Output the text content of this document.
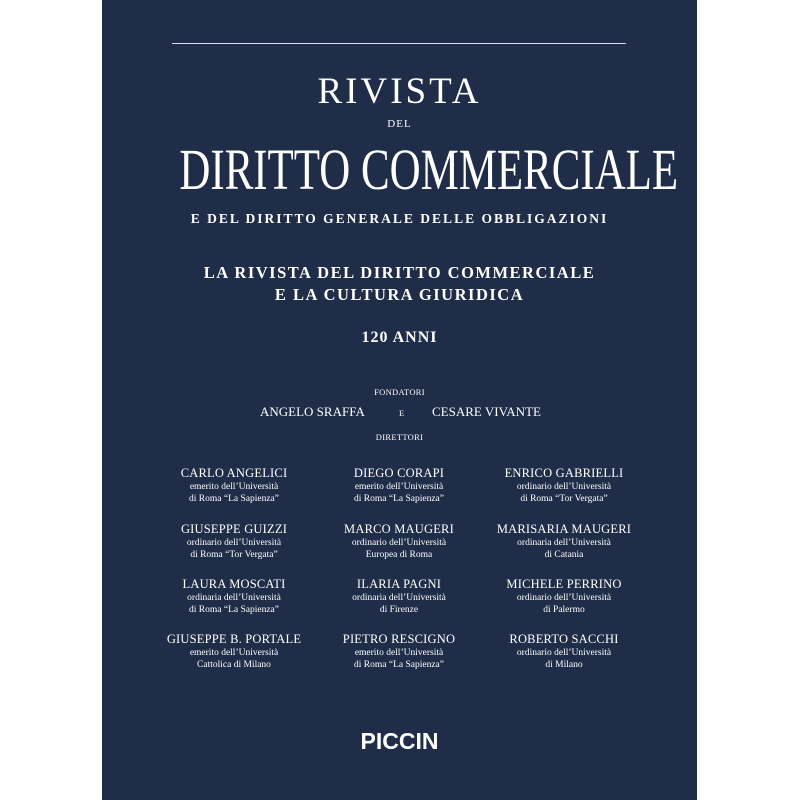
RIVISTA
DEL
DIRITTO COMMERCIALE
E DEL DIRITTO GENERALE DELLE OBBLIGAZIONI
LA RIVISTA DEL DIRITTO COMMERCIALE
E LA CULTURA GIURIDICA
120 ANNI
FONDATORI
ANGELO SRAFFA	E CESARE VIVANTE
DIRETTORI
CARLO ANGELICI
emerito dell’Università
di Roma “La Sapienza”
DIEGO CORAPI
emerito dell’Università
di Roma “La Sapienza”
ENRICO GABRIELLI
ordinario dell’Università
di Roma “Tor Vergata”
GIUSEPPE GUIZZI
ordinario dell’Università
di Roma “Tor Vergata”
MARCO MAUGERI
ordinario dell’Università
Europea di Roma
MARISARIA MAUGERI
ordinaria dell’Università
di Catania
LAURA MOSCATI
ordinaria dell’Università
di Roma “La Sapienza”
ILARIA PAGNI
ordinaria dell’Università
di Firenze
MICHELE PERRINO
ordinario dell’Università
di Palermo
GIUSEPPE B. PORTALE
emerito dell’Università
Cattolica di Milano
PIETRO RESCIGNO
emerito dell’Università
di Roma “La Sapienza”
ROBERTO SACCHI
ordinario dell’Università
di Milano
PICCIN
